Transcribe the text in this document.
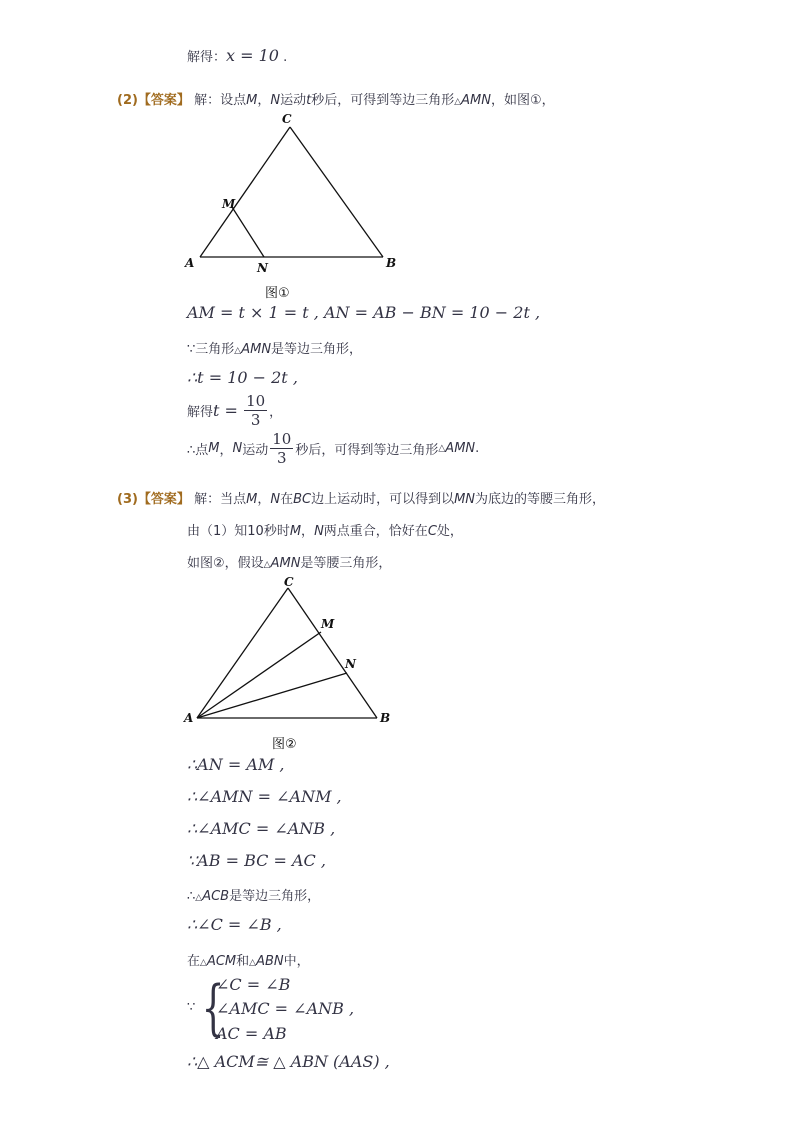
解得：x = 10 .
(2)【答案】 解：设点M，N运动t秒后，可得到等边三角形△AMN，如图①，
C
M
A	N	B
图①
AM = t × 1 = t , AN = AB − BN = 10 − 2t ,
∵三角形△AMN是等边三角形，
∴t = 10 − 2t ,
解得$t = \frac{10}{3}$ ，
∴点M，N运动 $\frac{10}{3}$ 秒后，可得到等边三角形△AMN.
(3)【答案】 解：当点M，N在BC边上运动时，可以得到以MN为底边的等腰三角形，
由（1）知10秒时M，N两点重合，恰好在C处，
如图②，假设△AMN是等腰三角形，
C
M
N
A	B
图②
∴AN = AM ,
∴∠AMN = ∠ANM ,
∴∠AMC = ∠ANB ,
∵AB = BC = AC ,
∴△ACB是等边三角形，
∴∠C = ∠B ,
在△ACM和△ABN中，
∵ {
∠C = ∠B
∠AMC = ∠ANB ,
AC = AB
∴△ ACM≅ △ ABN (AAS) ,
